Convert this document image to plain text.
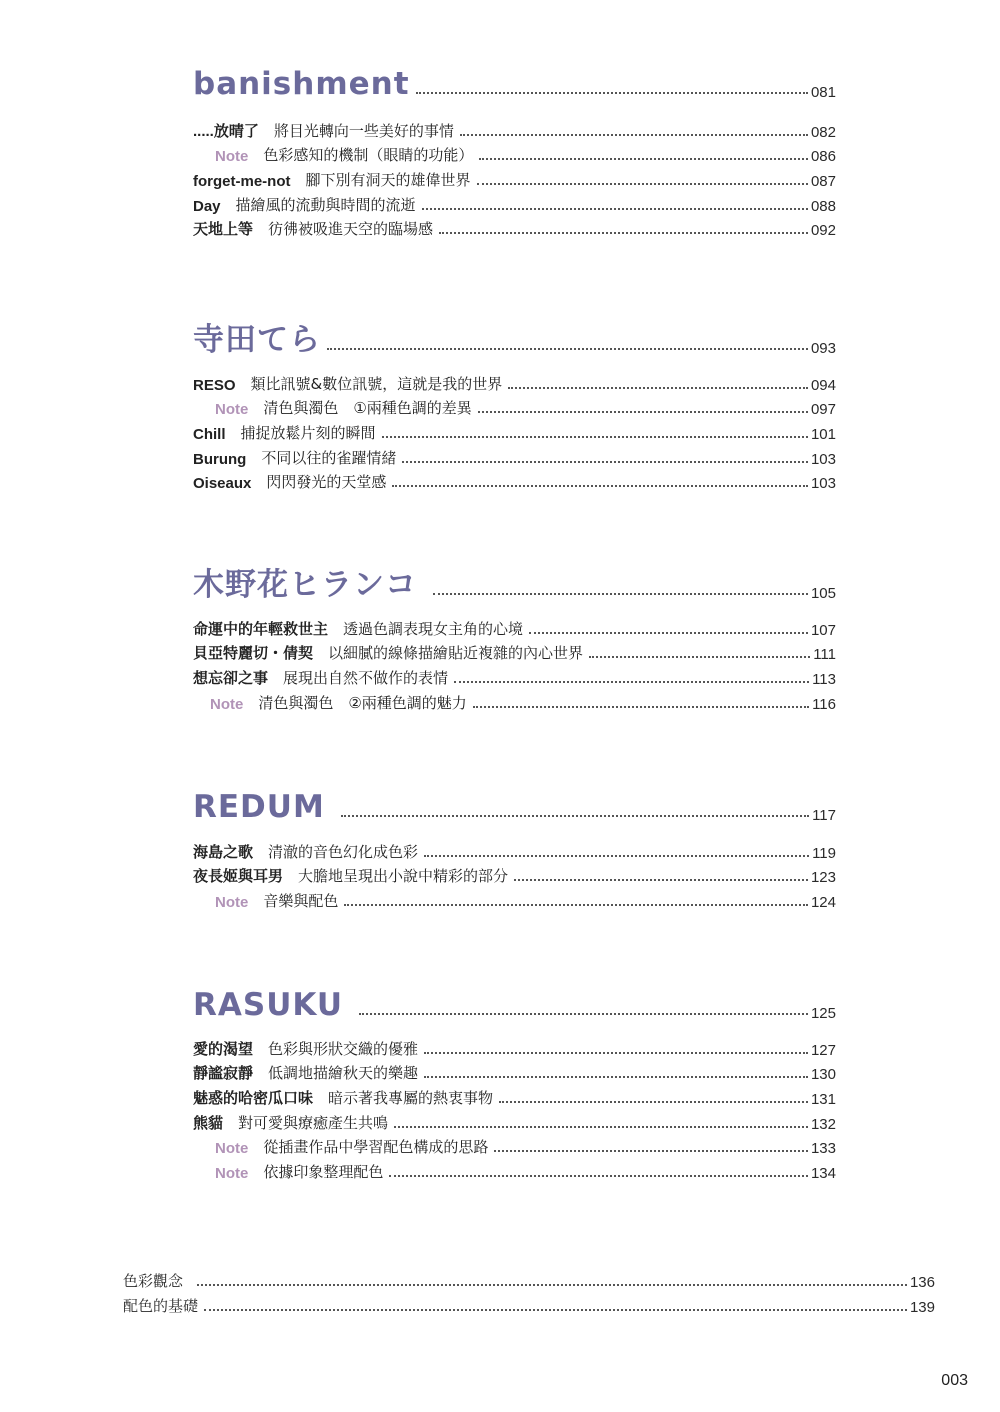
banishment	081
.....放晴了 將目光轉向一些美好的事情	082
Note 色彩感知的機制（眼睛的功能）	086
forget-me-not 腳下別有洞天的雄偉世界	087
Day 描繪風的流動與時間的流逝	088
天地上等 彷彿被吸進天空的臨場感	092
寺田てら	093
RESO 類比訊號&數位訊號，這就是我的世界	094
Note 清色與濁色　①兩種色調的差異	097
Chill 捕捉放鬆片刻的瞬間	101
Burung 不同以往的雀躍情緒	103
Oiseaux 閃閃發光的天堂感	103
木野花ヒランコ	105
命運中的年輕救世主 透過色調表現女主角的心境	107
貝亞特麗切・倩契 以細膩的線條描繪貼近複雜的內心世界	111
想忘卻之事 展現出自然不做作的表情	113
Note 清色與濁色　②兩種色調的魅力	116
REDUM	117
海島之歌 清澈的音色幻化成色彩	119
夜長姬與耳男 大膽地呈現出小說中精彩的部分	123
Note 音樂與配色	124
RASUKU	125
愛的渴望 色彩與形狀交織的優雅	127
靜謐寂靜 低調地描繪秋天的樂趣	130
魅惑的哈密瓜口味 暗示著我專屬的熱衷事物	131
熊貓 對可愛與療癒產生共鳴	132
Note 從插畫作品中學習配色構成的思路	133
Note 依據印象整理配色	134
色彩觀念	136
配色的基礎	139
003
